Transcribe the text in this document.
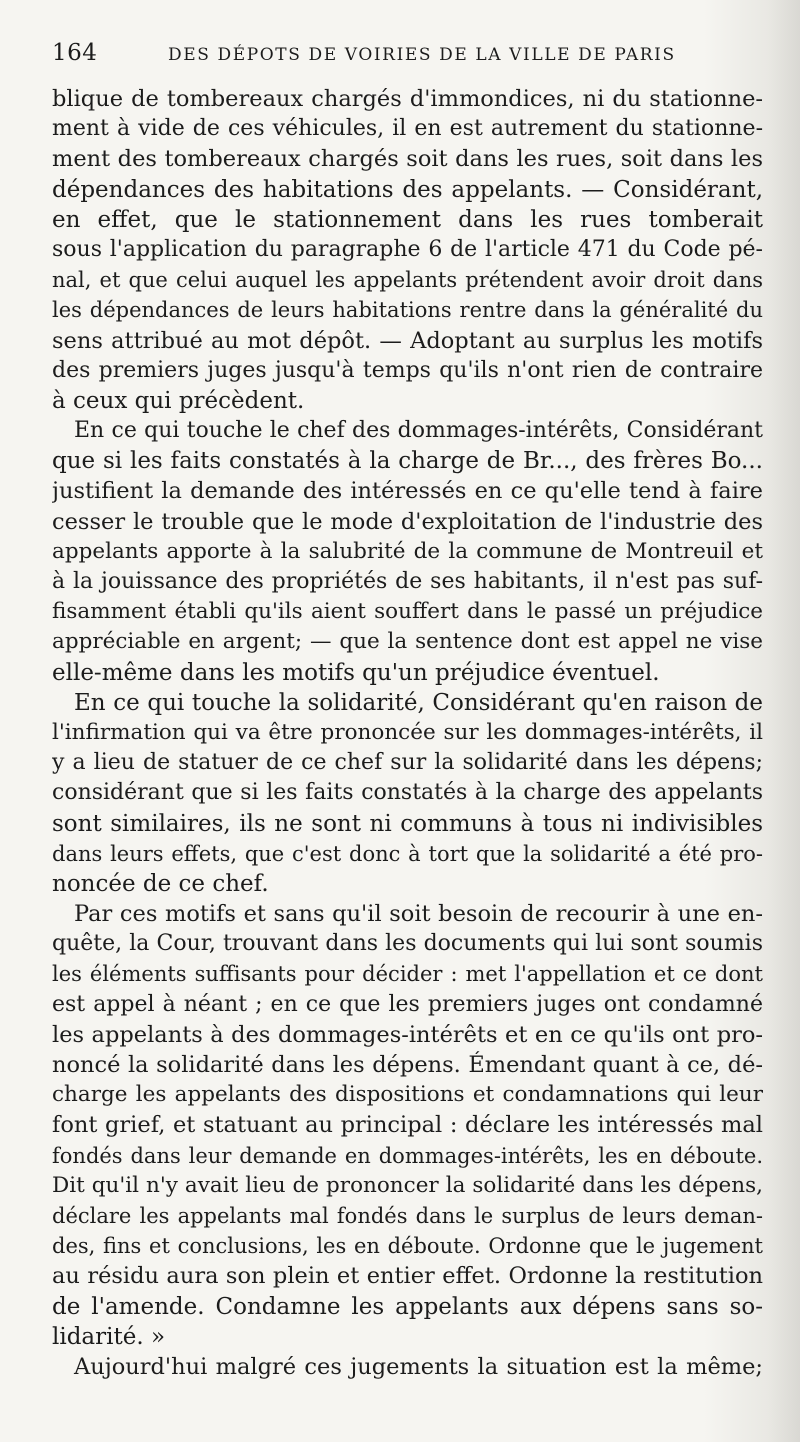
164	DES DÉPOTS DE VOIRIES DE LA VILLE DE PARIS
blique de tombereaux chargés d'immondices, ni du stationne-
ment à vide de ces véhicules, il en est autrement du stationne-
ment des tombereaux chargés soit dans les rues, soit dans les
dépendances des habitations des appelants. — Considérant,
en effet, que le stationnement dans les rues tomberait
sous l'application du paragraphe 6 de l'article 471 du Code pé-
nal, et que celui auquel les appelants prétendent avoir droit dans
les dépendances de leurs habitations rentre dans la généralité du
sens attribué au mot dépôt. — Adoptant au surplus les motifs
des premiers juges jusqu'à temps qu'ils n'ont rien de contraire
à ceux qui précèdent.
En ce qui touche le chef des dommages-intérêts, Considérant
que si les faits constatés à la charge de Br..., des frères Bo...
justifient la demande des intéressés en ce qu'elle tend à faire
cesser le trouble que le mode d'exploitation de l'industrie des
appelants apporte à la salubrité de la commune de Montreuil et
à la jouissance des propriétés de ses habitants, il n'est pas suf-
fisamment établi qu'ils aient souffert dans le passé un préjudice
appréciable en argent; — que la sentence dont est appel ne vise
elle-même dans les motifs qu'un préjudice éventuel.
En ce qui touche la solidarité, Considérant qu'en raison de
l'infirmation qui va être prononcée sur les dommages-intérêts, il
y a lieu de statuer de ce chef sur la solidarité dans les dépens;
considérant que si les faits constatés à la charge des appelants
sont similaires, ils ne sont ni communs à tous ni indivisibles
dans leurs effets, que c'est donc à tort que la solidarité a été pro-
noncée de ce chef.
Par ces motifs et sans qu'il soit besoin de recourir à une en-
quête, la Cour, trouvant dans les documents qui lui sont soumis
les éléments suffisants pour décider : met l'appellation et ce dont
est appel à néant ; en ce que les premiers juges ont condamné
les appelants à des dommages-intérêts et en ce qu'ils ont pro-
noncé la solidarité dans les dépens. Émendant quant à ce, dé-
charge les appelants des dispositions et condamnations qui leur
font grief, et statuant au principal : déclare les intéressés mal
fondés dans leur demande en dommages-intérêts, les en déboute.
Dit qu'il n'y avait lieu de prononcer la solidarité dans les dépens,
déclare les appelants mal fondés dans le surplus de leurs deman-
des, fins et conclusions, les en déboute. Ordonne que le jugement
au résidu aura son plein et entier effet. Ordonne la restitution
de l'amende. Condamne les appelants aux dépens sans so-
lidarité. »
Aujourd'hui malgré ces jugements la situation est la même;
